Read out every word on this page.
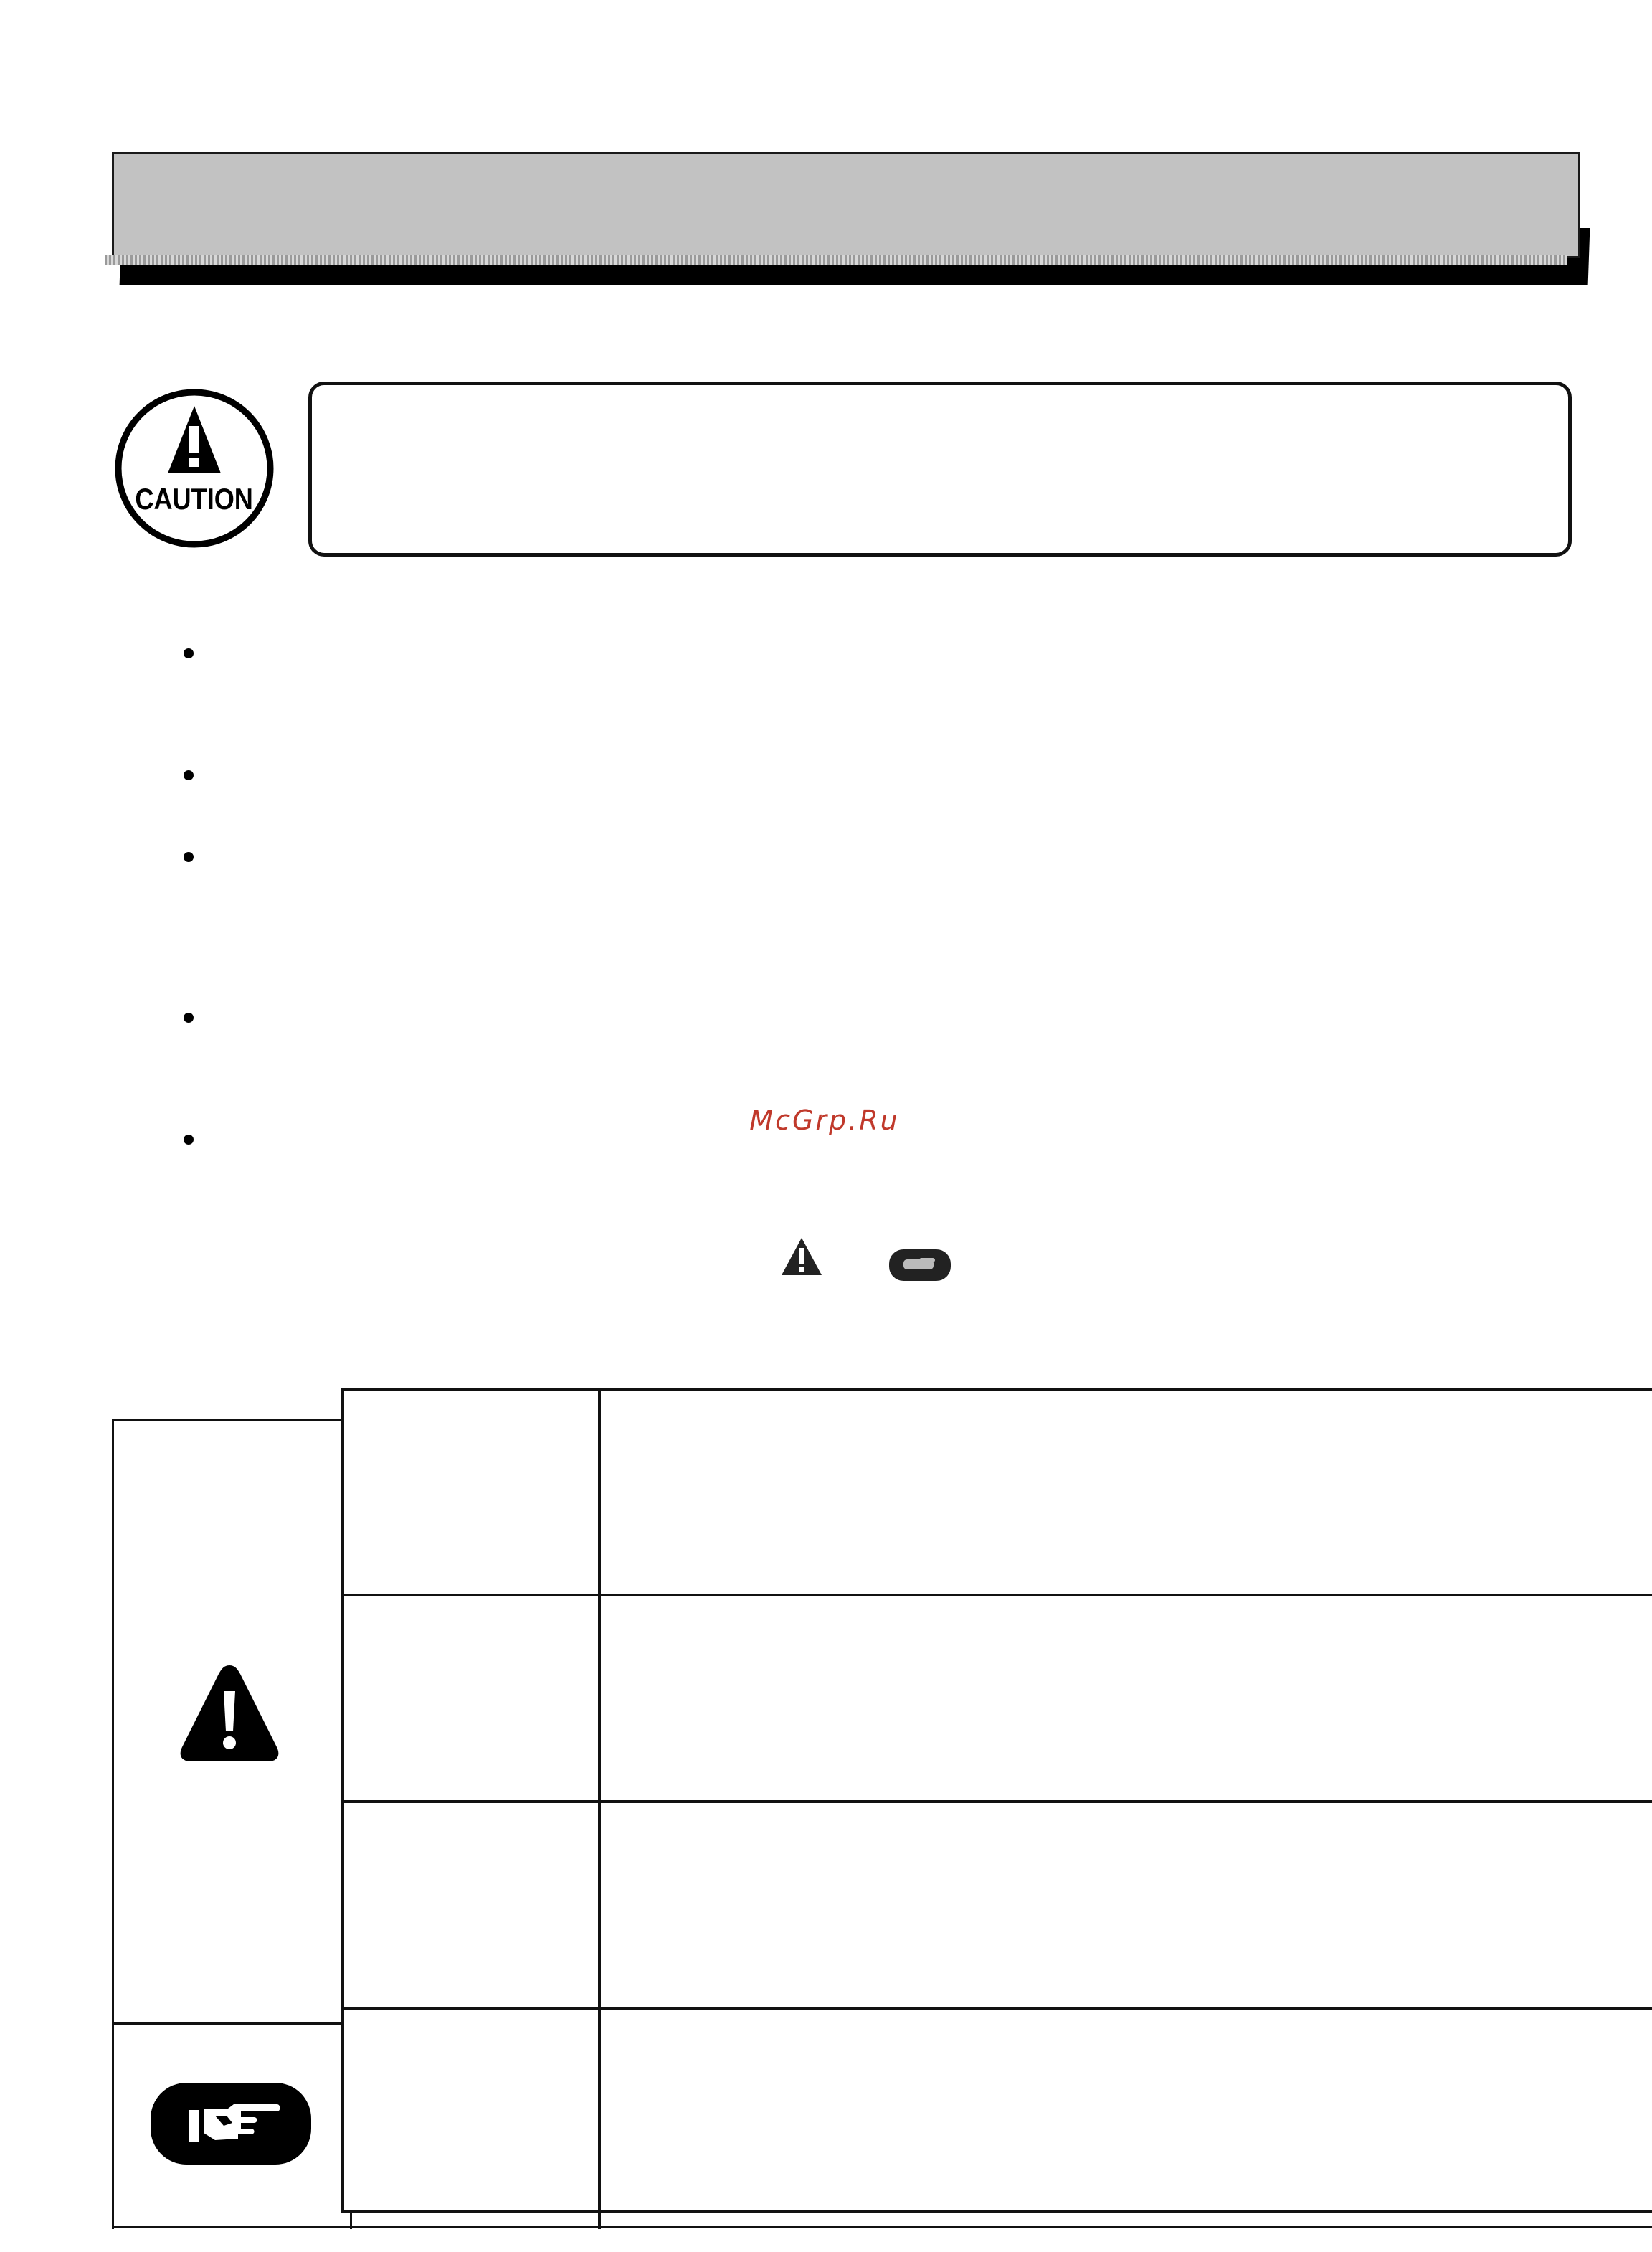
CAUTION
McGrp.Ru
